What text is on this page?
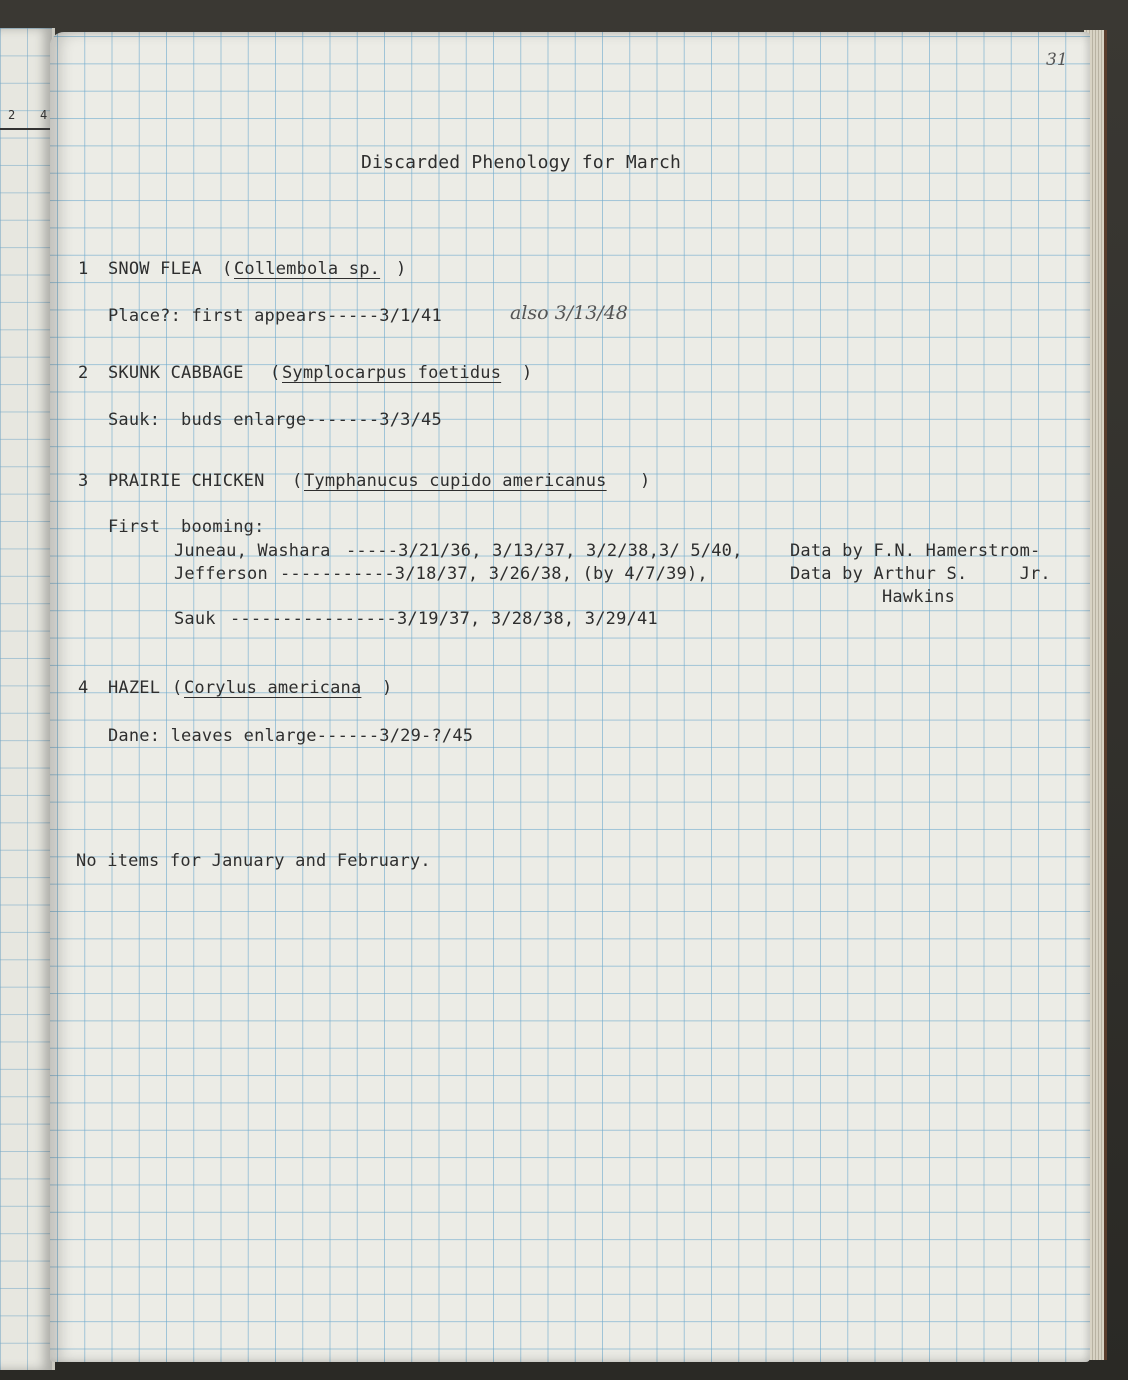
2 4
31
Discarded Phenology for March
1 SNOW FLEA ( Collembola sp. )
Place?: first appears-----3/1/41	also 3/13/48
2 SKUNK CABBAGE ( Symplocarpus foetidus )
Sauk:  buds enlarge-------3/3/45
3 PRAIRIE CHICKEN ( Tymphanucus cupido americanus )
First  booming:
Juneau, Washara -----3/21/36, 3/13/37, 3/2/38,3/ 5/40,	Data by F.N. Hamerstrom-
Jefferson -----------3/18/37, 3/26/38, (by 4/7/39),	Data by Arthur S.     Jr.
Hawkins
Sauk ----------------3/19/37, 3/28/38, 3/29/41
4 HAZEL ( Corylus americana )
Dane: leaves enlarge------3/29-?/45
No items for January and February.
